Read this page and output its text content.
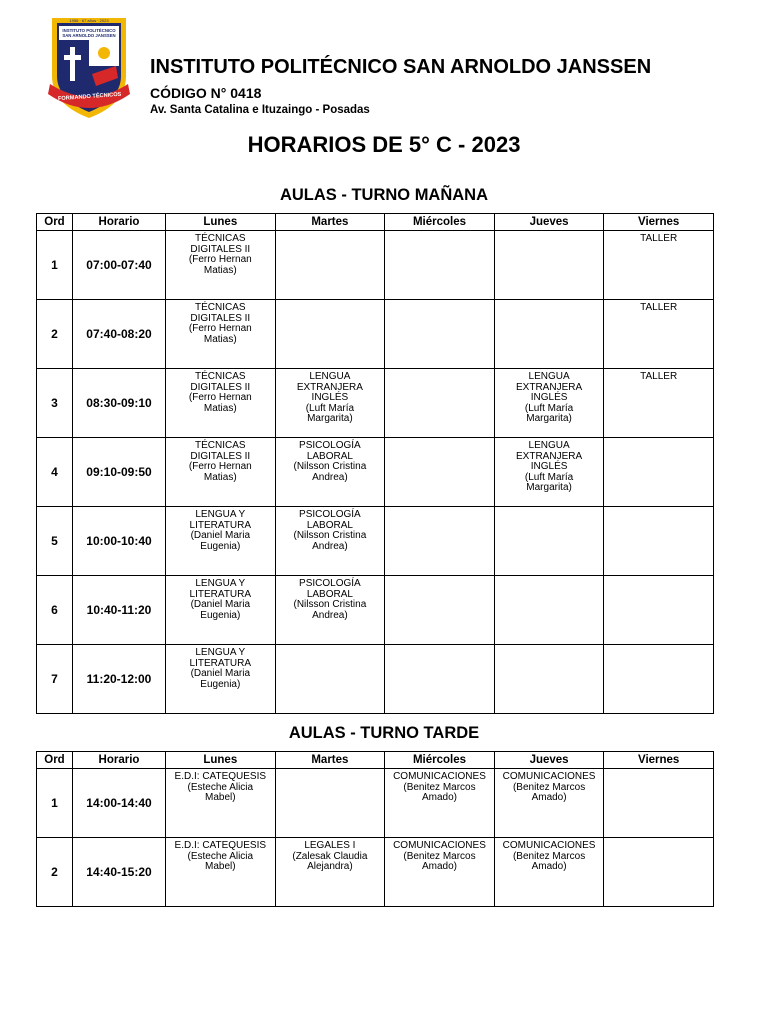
INSTITUTO POLITÉCNICO SAN ARNOLDO JANSSEN
1956 · 67 años · 2023
FORMANDO TÉCNICOS
INSTITUTO POLITÉCNICO SAN ARNOLDO JANSSEN
CÓDIGO N° 0418
Av. Santa Catalina e Ituzaingo - Posadas
HORARIOS DE 5° C - 2023
AULAS - TURNO MAÑANA
Ord	Horario	Lunes	Martes	Miércoles	Jueves	Viernes
1	07:00-07:40	TÉCNICAS
DIGITALES II
(Ferro Hernan
Matias)				TALLER

2	07:40-08:20	TÉCNICAS
DIGITALES II
(Ferro Hernan
Matias)				TALLER

3	08:30-09:10	TÉCNICAS
DIGITALES II
(Ferro Hernan
Matias)	LENGUA
EXTRANJERA
INGLÉS
(Luft María
Margarita)		LENGUA
EXTRANJERA
INGLÉS
(Luft María
Margarita)	TALLER

4	09:10-09:50	TÉCNICAS
DIGITALES II
(Ferro Hernan
Matias)	PSICOLOGÍA
LABORAL
(Nilsson Cristina
Andrea)		LENGUA
EXTRANJERA
INGLÉS
(Luft María
Margarita)	

5	10:00-10:40	LENGUA Y
LITERATURA
(Daniel Maria
Eugenia)	PSICOLOGÍA
LABORAL
(Nilsson Cristina
Andrea)			

6	10:40-11:20	LENGUA Y
LITERATURA
(Daniel Maria
Eugenia)	PSICOLOGÍA
LABORAL
(Nilsson Cristina
Andrea)			

7	11:20-12:00	LENGUA Y
LITERATURA
(Daniel Maria
Eugenia)				

AULAS - TURNO TARDE
Ord	Horario	Lunes	Martes	Miércoles	Jueves	Viernes
1	14:00-14:40	E.D.I: CATEQUESIS
(Esteche Alicia
Mabel)		COMUNICACIONES
(Benitez Marcos
Amado)	COMUNICACIONES
(Benitez Marcos
Amado)	

2	14:40-15:20	E.D.I: CATEQUESIS
(Esteche Alicia
Mabel)	LEGALES I
(Zalesak Claudia
Alejandra)	COMUNICACIONES
(Benitez Marcos
Amado)	COMUNICACIONES
(Benitez Marcos
Amado)	
